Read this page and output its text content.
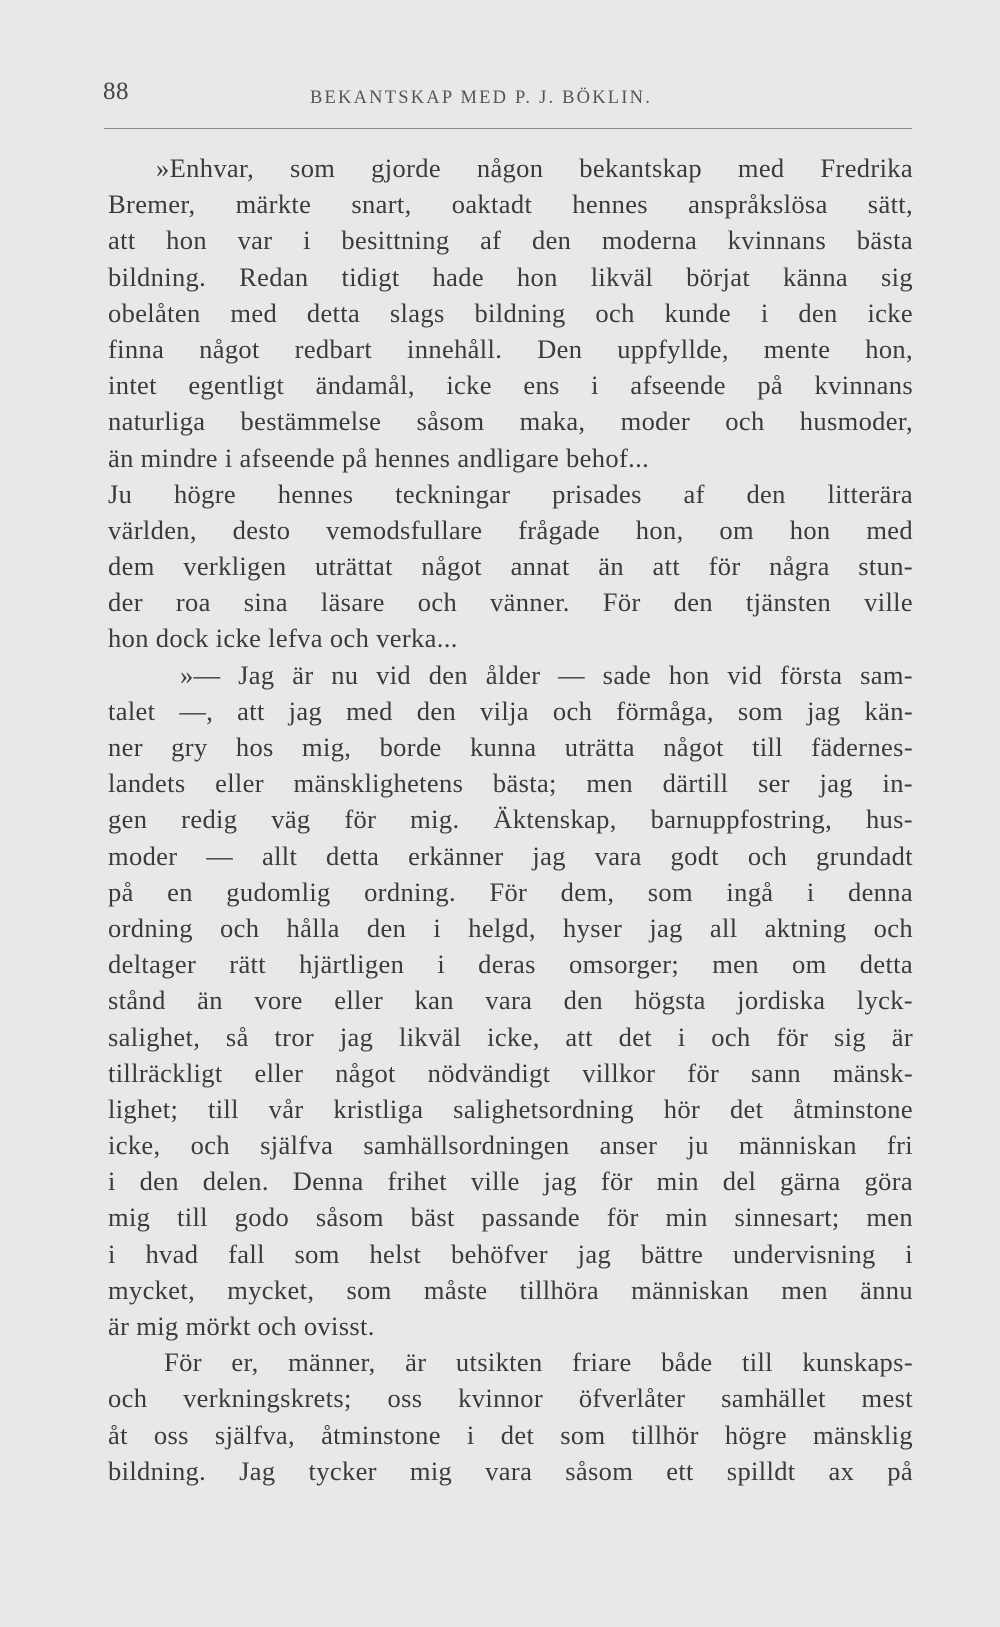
88	BEKANTSKAP MED P. J. BÖKLIN.
»Enhvar, som gjorde någon bekantskap med Fredrika
Bremer, märkte snart, oaktadt hennes anspråkslösa sätt,
att hon var i besittning af den moderna kvinnans bästa
bildning. Redan tidigt hade hon likväl börjat känna sig
obelåten med detta slags bildning och kunde i den icke
finna något redbart innehåll. Den uppfyllde, mente hon,
intet egentligt ändamål, icke ens i afseende på kvinnans
naturliga bestämmelse såsom maka, moder och husmoder,
än mindre i afseende på hennes andligare behof...
Ju högre hennes teckningar prisades af den litterära
världen, desto vemodsfullare frågade hon, om hon med
dem verkligen uträttat något annat än att för några stun-
der roa sina läsare och vänner. För den tjänsten ville
hon dock icke lefva och verka...
»— Jag är nu vid den ålder — sade hon vid första sam-
talet —, att jag med den vilja och förmåga, som jag kän-
ner gry hos mig, borde kunna uträtta något till fädernes-
landets eller mänsklighetens bästa; men därtill ser jag in-
gen redig väg för mig. Äktenskap, barnuppfostring, hus-
moder — allt detta erkänner jag vara godt och grundadt
på en gudomlig ordning. För dem, som ingå i denna
ordning och hålla den i helgd, hyser jag all aktning och
deltager rätt hjärtligen i deras omsorger; men om detta
stånd än vore eller kan vara den högsta jordiska lyck-
salighet, så tror jag likväl icke, att det i och för sig är
tillräckligt eller något nödvändigt villkor för sann mänsk-
lighet; till vår kristliga salighetsordning hör det åtminstone
icke, och själfva samhällsordningen anser ju människan fri
i den delen. Denna frihet ville jag för min del gärna göra
mig till godo såsom bäst passande för min sinnesart; men
i hvad fall som helst behöfver jag bättre undervisning i
mycket, mycket, som måste tillhöra människan men ännu
är mig mörkt och ovisst.
För er, männer, är utsikten friare både till kunskaps-
och verkningskrets; oss kvinnor öfverlåter samhället mest
åt oss själfva, åtminstone i det som tillhör högre mänsklig
bildning. Jag tycker mig vara såsom ett spilldt ax på
